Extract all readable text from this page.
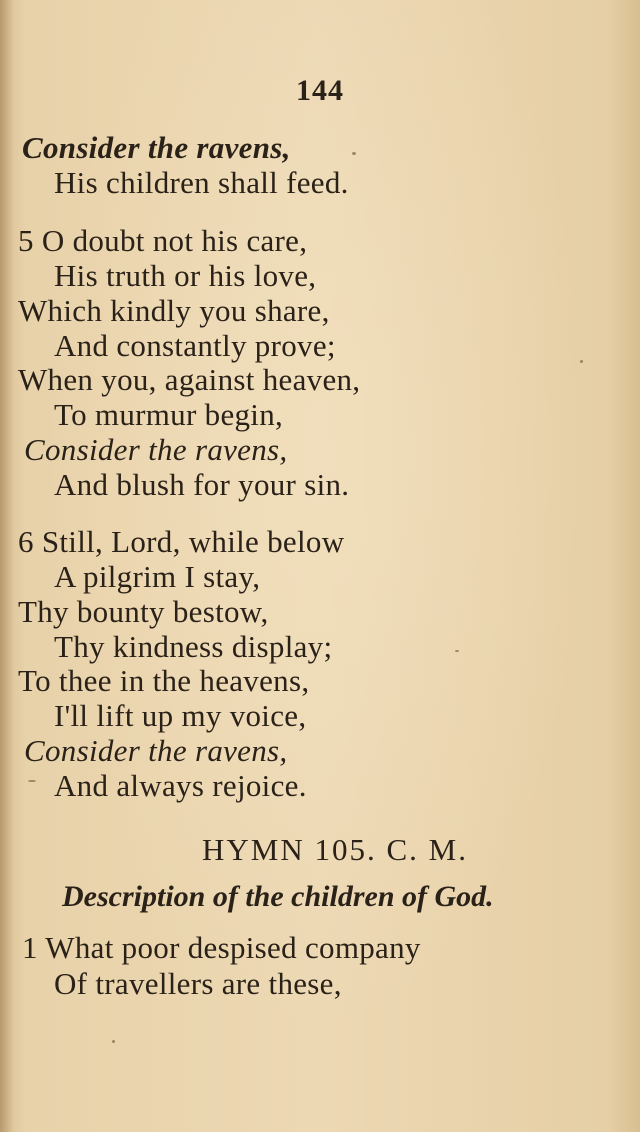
144
Consider the ravens,
His children shall feed.
5 O doubt not his care,
His truth or his love,
Which kindly you share,
And constantly prove;
When you, against heaven,
To murmur begin,
Consider the ravens,
And blush for your sin.
6 Still, Lord, while below
A pilgrim I stay,
Thy bounty bestow,
Thy kindness display;
To thee in the heavens,
I'll lift up my voice,
Consider the ravens,
And always rejoice.
HYMN 105. C. M.
Description of the children of God.
1 What poor despised company
Of travellers are these,
